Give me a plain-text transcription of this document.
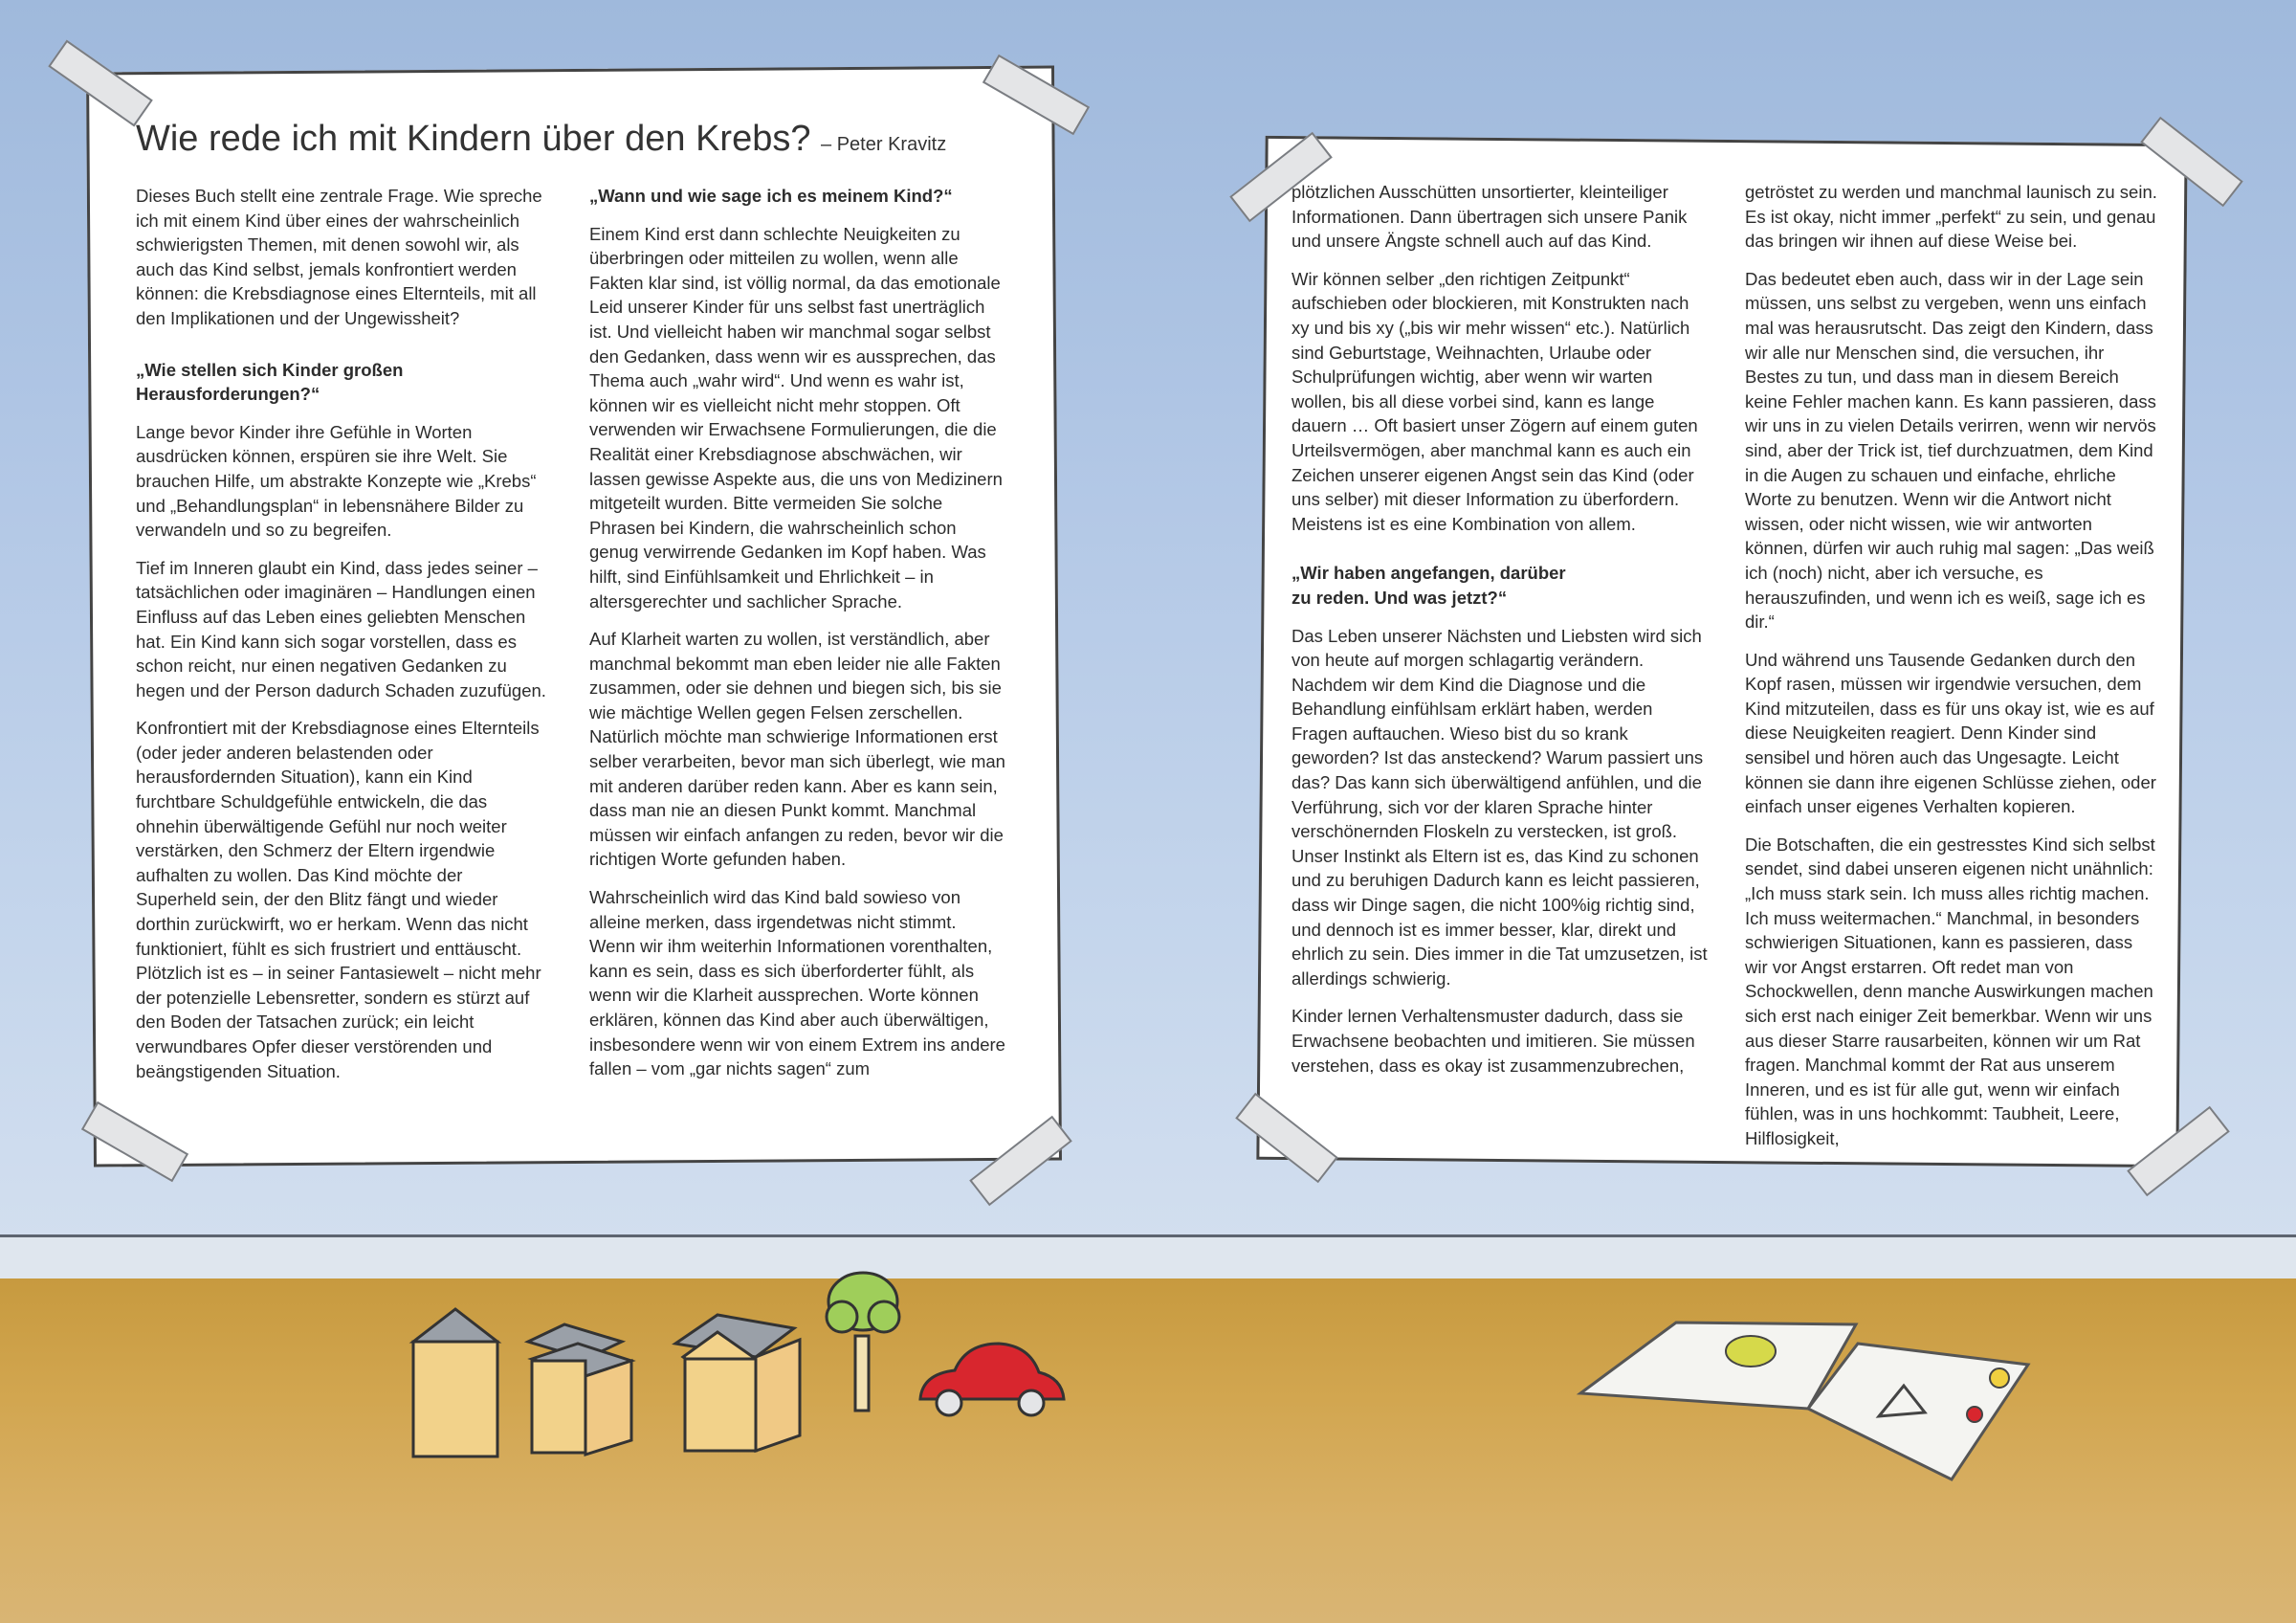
Wie rede ich mit Kindern über den Krebs? – Peter Kravitz

Dieses Buch stellt eine zentrale Frage. Wie spreche ich mit einem Kind über eines der wahrscheinlich schwierigsten Themen, mit denen sowohl wir, als auch das Kind selbst, jemals konfrontiert werden können: die Krebsdiagnose eines Elternteils, mit all den Implikationen und der Ungewissheit?

„Wie stellen sich Kinder großen Herausforderungen?“

Lange bevor Kinder ihre Gefühle in Worten ausdrücken können, erspüren sie ihre Welt. Sie brauchen Hilfe, um abstrakte Konzepte wie „Krebs“ und „Behandlungsplan“ in lebensnähere Bilder zu verwandeln und so zu begreifen.

Tief im Inneren glaubt ein Kind, dass jedes seiner – tatsächlichen oder imaginären – Handlungen einen Einfluss auf das Leben eines geliebten Menschen hat. Ein Kind kann sich sogar vorstellen, dass es schon reicht, nur einen negativen Gedanken zu hegen und der Person dadurch Schaden zuzufügen.

Konfrontiert mit der Krebsdiagnose eines Elternteils (oder jeder anderen belastenden oder herausfordernden Situation), kann ein Kind furchtbare Schuldgefühle entwickeln, die das ohnehin überwältigende Gefühl nur noch weiter verstärken, den Schmerz der Eltern irgendwie aufhalten zu wollen. Das Kind möchte der Superheld sein, der den Blitz fängt und wieder dorthin zurückwirft, wo er herkam. Wenn das nicht funktioniert, fühlt es sich frustriert und enttäuscht. Plötzlich ist es – in seiner Fantasiewelt – nicht mehr der potenzielle Lebensretter, sondern es stürzt auf den Boden der Tatsachen zurück; ein leicht verwundbares Opfer dieser verstörenden und beängstigenden Situation.

„Wann und wie sage ich es meinem Kind?“

Einem Kind erst dann schlechte Neuigkeiten zu überbringen oder mitteilen zu wollen, wenn alle Fakten klar sind, ist völlig normal, da das emotionale Leid unserer Kinder für uns selbst fast unerträglich ist. Und vielleicht haben wir manchmal sogar selbst den Gedanken, dass wenn wir es aussprechen, das Thema auch „wahr wird“. Und wenn es wahr ist, können wir es vielleicht nicht mehr stoppen. Oft verwenden wir Erwachsene Formulierungen, die die Realität einer Krebsdiagnose abschwächen, wir lassen gewisse Aspekte aus, die uns von Medizinern mitgeteilt wurden. Bitte vermeiden Sie solche Phrasen bei Kindern, die wahrscheinlich schon genug verwirrende Gedanken im Kopf haben. Was hilft, sind Einfühlsamkeit und Ehrlichkeit – in altersgerechter und sachlicher Sprache.

Auf Klarheit warten zu wollen, ist verständlich, aber manchmal bekommt man eben leider nie alle Fakten zusammen, oder sie dehnen und biegen sich, bis sie wie mächtige Wellen gegen Felsen zerschellen. Natürlich möchte man schwierige Informationen erst selber verarbeiten, bevor man sich überlegt, wie man mit anderen darüber reden kann. Aber es kann sein, dass man nie an diesen Punkt kommt. Manchmal müssen wir einfach anfangen zu reden, bevor wir die richtigen Worte gefunden haben.

Wahrscheinlich wird das Kind bald sowieso von alleine merken, dass irgendetwas nicht stimmt. Wenn wir ihm weiterhin Informationen vorenthalten, kann es sein, dass es sich überforderter fühlt, als wenn wir die Klarheit aussprechen. Worte können erklären, können das Kind aber auch überwältigen, insbesondere wenn wir von einem Extrem ins andere fallen – vom „gar nichts sagen“ zum

plötzlichen Ausschütten unsortierter, kleinteiliger Informationen. Dann übertragen sich unsere Panik und unsere Ängste schnell auch auf das Kind.

Wir können selber „den richtigen Zeitpunkt“ aufschieben oder blockieren, mit Konstrukten nach xy und bis xy („bis wir mehr wissen“ etc.). Natürlich sind Geburtstage, Weihnachten, Urlaube oder Schulprüfungen wichtig, aber wenn wir warten wollen, bis all diese vorbei sind, kann es lange dauern … Oft basiert unser Zögern auf einem guten Urteilsvermögen, aber manchmal kann es auch ein Zeichen unserer eigenen Angst sein das Kind (oder uns selber) mit dieser Information zu überfordern. Meistens ist es eine Kombination von allem.

„Wir haben angefangen, darüber zu reden. Und was jetzt?“

Das Leben unserer Nächsten und Liebsten wird sich von heute auf morgen schlagartig verändern. Nachdem wir dem Kind die Diagnose und die Behandlung einfühlsam erklärt haben, werden Fragen auftauchen. Wieso bist du so krank geworden? Ist das ansteckend? Warum passiert uns das? Das kann sich überwältigend anfühlen, und die Verführung, sich vor der klaren Sprache hinter verschönernden Floskeln zu verstecken, ist groß. Unser Instinkt als Eltern ist es, das Kind zu schonen und zu beruhigen Dadurch kann es leicht passieren, dass wir Dinge sagen, die nicht 100%ig richtig sind, und dennoch ist es immer besser, klar, direkt und ehrlich zu sein. Dies immer in die Tat umzusetzen, ist allerdings schwierig.

Kinder lernen Verhaltensmuster dadurch, dass sie Erwachsene beobachten und imitieren. Sie müssen verstehen, dass es okay ist zusammenzubrechen,

getröstet zu werden und manchmal launisch zu sein. Es ist okay, nicht immer „perfekt“ zu sein, und genau das bringen wir ihnen auf diese Weise bei.

Das bedeutet eben auch, dass wir in der Lage sein müssen, uns selbst zu vergeben, wenn uns einfach mal was herausrutscht. Das zeigt den Kindern, dass wir alle nur Menschen sind, die versuchen, ihr Bestes zu tun, und dass man in diesem Bereich keine Fehler machen kann. Es kann passieren, dass wir uns in zu vielen Details verirren, wenn wir nervös sind, aber der Trick ist, tief durchzuatmen, dem Kind in die Augen zu schauen und einfache, ehrliche Worte zu benutzen. Wenn wir die Antwort nicht wissen, oder nicht wissen, wie wir antworten können, dürfen wir auch ruhig mal sagen: „Das weiß ich (noch) nicht, aber ich versuche, es herauszufinden, und wenn ich es weiß, sage ich es dir.“

Und während uns Tausende Gedanken durch den Kopf rasen, müssen wir irgendwie versuchen, dem Kind mitzuteilen, dass es für uns okay ist, wie es auf diese Neuigkeiten reagiert. Denn Kinder sind sensibel und hören auch das Ungesagte. Leicht können sie dann ihre eigenen Schlüsse ziehen, oder einfach unser eigenes Verhalten kopieren.

Die Botschaften, die ein gestresstes Kind sich selbst sendet, sind dabei unseren eigenen nicht unähnlich: „Ich muss stark sein. Ich muss alles richtig machen. Ich muss weitermachen.“ Manchmal, in besonders schwierigen Situationen, kann es passieren, dass wir vor Angst erstarren. Oft redet man von Schockwellen, denn manche Auswirkungen machen sich erst nach einiger Zeit bemerkbar. Wenn wir uns aus dieser Starre rausarbeiten, können wir um Rat fragen. Manchmal kommt der Rat aus unserem Inneren, und es ist für alle gut, wenn wir einfach fühlen, was in uns hochkommt: Taubheit, Leere, Hilflosigkeit,
